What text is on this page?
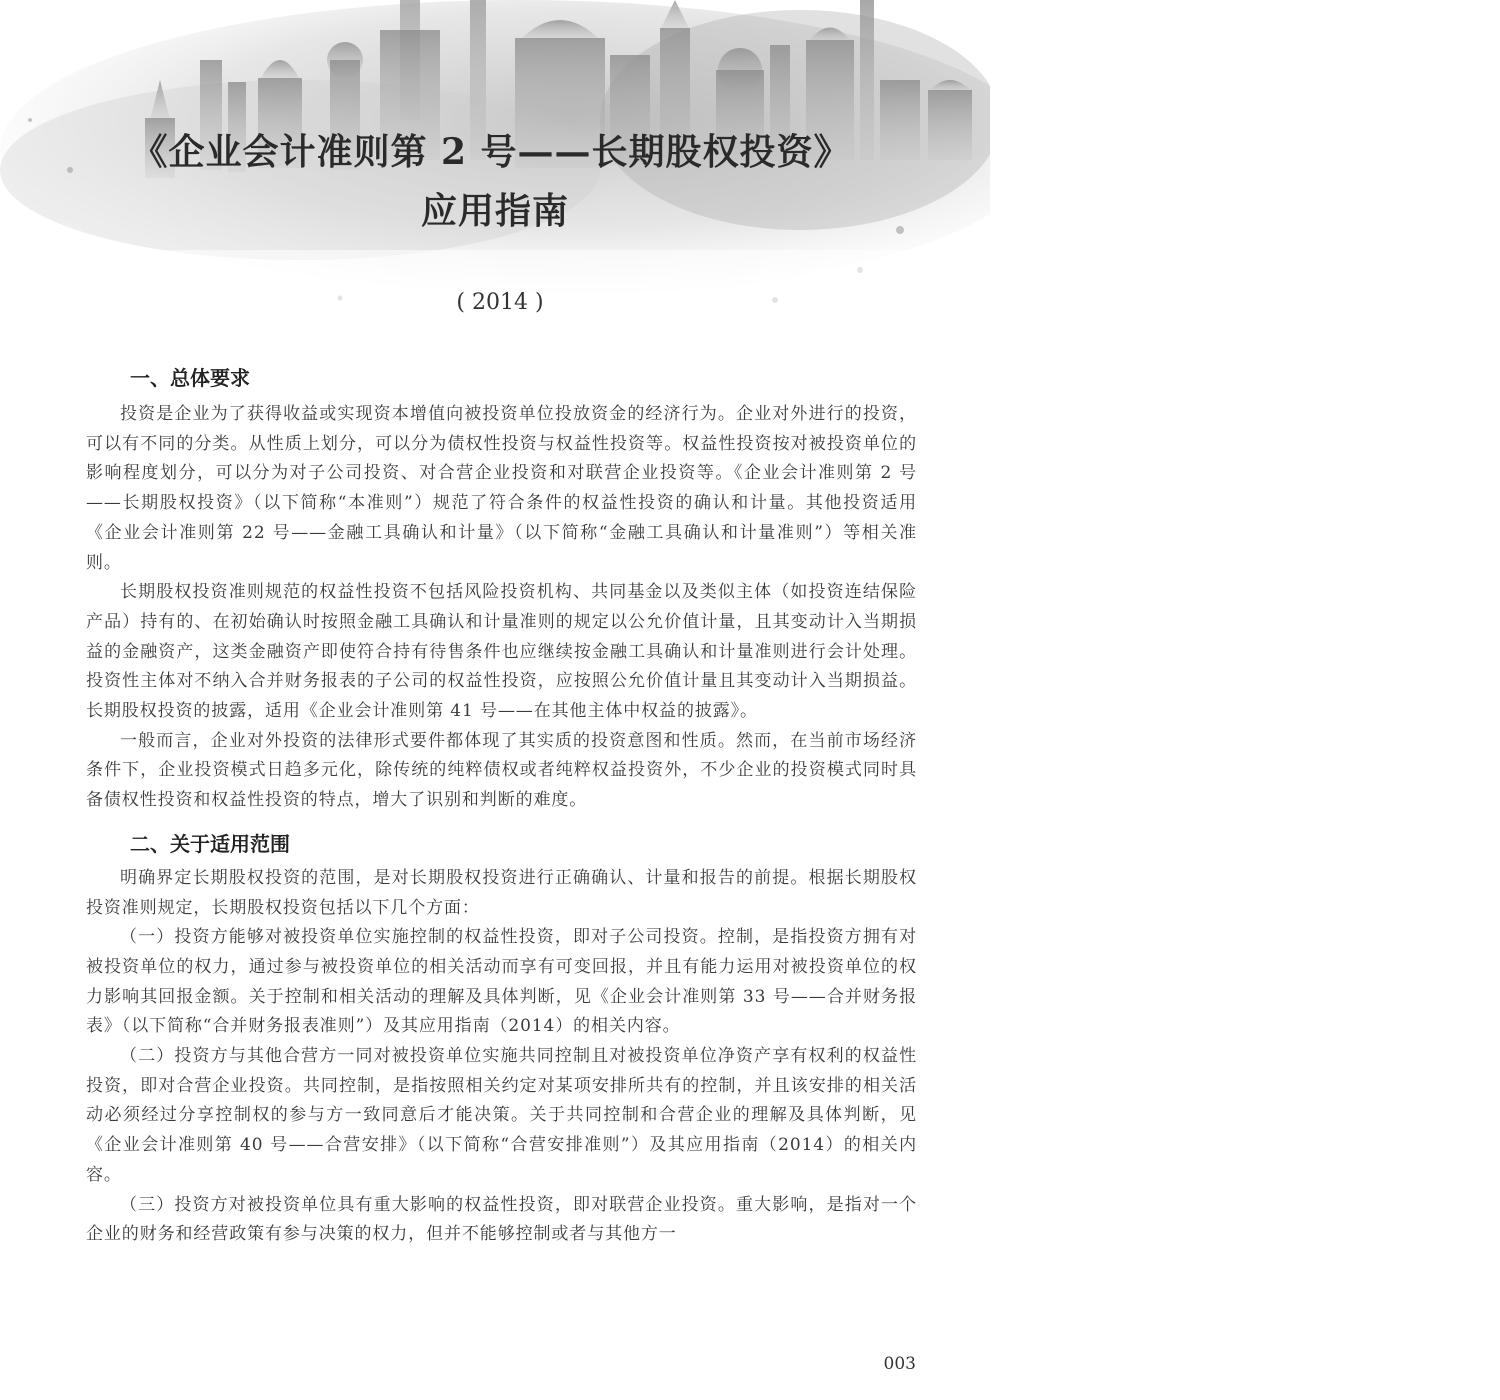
《企业会计准则第 2 号——长期股权投资》
应用指南
( 2014 )
一、总体要求

投资是企业为了获得收益或实现资本增值向被投资单位投放资金的经济行为。企业对外进行的投资，可以有不同的分类。从性质上划分，可以分为债权性投资与权益性投资等。权益性投资按对被投资单位的影响程度划分，可以分为对子公司投资、对合营企业投资和对联营企业投资等。《企业会计准则第 2 号——长期股权投资》（以下简称“本准则”）规范了符合条件的权益性投资的确认和计量。其他投资适用《企业会计准则第 22 号——金融工具确认和计量》（以下简称“金融工具确认和计量准则”）等相关准则。

长期股权投资准则规范的权益性投资不包括风险投资机构、共同基金以及类似主体（如投资连结保险产品）持有的、在初始确认时按照金融工具确认和计量准则的规定以公允价值计量，且其变动计入当期损益的金融资产，这类金融资产即使符合持有待售条件也应继续按金融工具确认和计量准则进行会计处理。投资性主体对不纳入合并财务报表的子公司的权益性投资，应按照公允价值计量且其变动计入当期损益。长期股权投资的披露，适用《企业会计准则第 41 号——在其他主体中权益的披露》。

一般而言，企业对外投资的法律形式要件都体现了其实质的投资意图和性质。然而，在当前市场经济条件下，企业投资模式日趋多元化，除传统的纯粹债权或者纯粹权益投资外，不少企业的投资模式同时具备债权性投资和权益性投资的特点，增大了识别和判断的难度。

二、关于适用范围

明确界定长期股权投资的范围，是对长期股权投资进行正确确认、计量和报告的前提。根据长期股权投资准则规定，长期股权投资包括以下几个方面：

（一）投资方能够对被投资单位实施控制的权益性投资，即对子公司投资。控制，是指投资方拥有对被投资单位的权力，通过参与被投资单位的相关活动而享有可变回报，并且有能力运用对被投资单位的权力影响其回报金额。关于控制和相关活动的理解及具体判断，见《企业会计准则第 33 号——合并财务报表》（以下简称“合并财务报表准则”）及其应用指南（2014）的相关内容。

（二）投资方与其他合营方一同对被投资单位实施共同控制且对被投资单位净资产享有权利的权益性投资，即对合营企业投资。共同控制，是指按照相关约定对某项安排所共有的控制，并且该安排的相关活动必须经过分享控制权的参与方一致同意后才能决策。关于共同控制和合营企业的理解及具体判断，见《企业会计准则第 40 号——合营安排》（以下简称“合营安排准则”）及其应用指南（2014）的相关内容。

（三）投资方对被投资单位具有重大影响的权益性投资，即对联营企业投资。重大影响，是指对一个企业的财务和经营政策有参与决策的权力，但并不能够控制或者与其他方一

003
